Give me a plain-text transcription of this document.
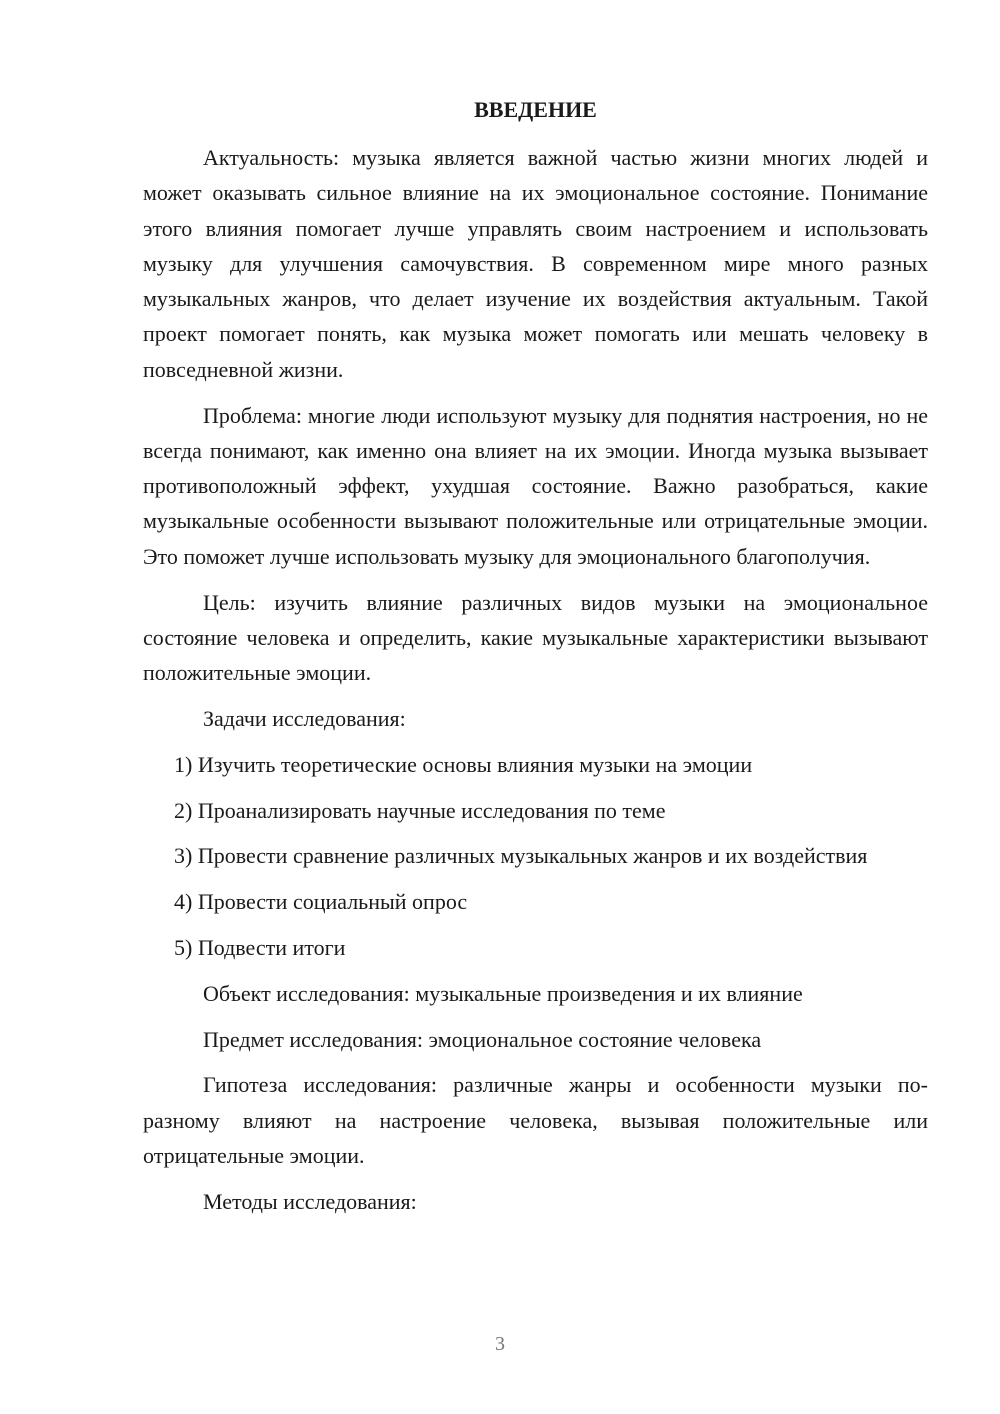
ВВЕДЕНИЕ

Актуальность: музыка является важной частью жизни многих людей и может оказывать сильное влияние на их эмоциональное состояние. Понимание этого влияния помогает лучше управлять своим настроением и использовать музыку для улучшения самочувствия. В современном мире много разных музыкальных жанров, что делает изучение их воздействия актуальным. Такой проект помогает понять, как музыка может помогать или мешать человеку в повседневной жизни.

Проблема: многие люди используют музыку для поднятия настроения, но не всегда понимают, как именно она влияет на их эмоции. Иногда музыка вызывает противоположный эффект, ухудшая состояние. Важно разобраться, какие музыкальные особенности вызывают положительные или отрицательные эмоции. Это поможет лучше использовать музыку для эмоционального благополучия.

Цель: изучить влияние различных видов музыки на эмоциональное состояние человека и определить, какие музыкальные характеристики вызывают положительные эмоции.

Задачи исследования:

1) Изучить теоретические основы влияния музыки на эмоции

2) Проанализировать научные исследования по теме

3) Провести сравнение различных музыкальных жанров и их воздействия

4) Провести социальный опрос

5) Подвести итоги

Объект исследования: музыкальные произведения и их влияние

Предмет исследования: эмоциональное состояние человека

Гипотеза исследования: различные жанры и особенности музыки по-разному влияют на настроение человека, вызывая положительные или отрицательные эмоции.

Методы исследования:

3
